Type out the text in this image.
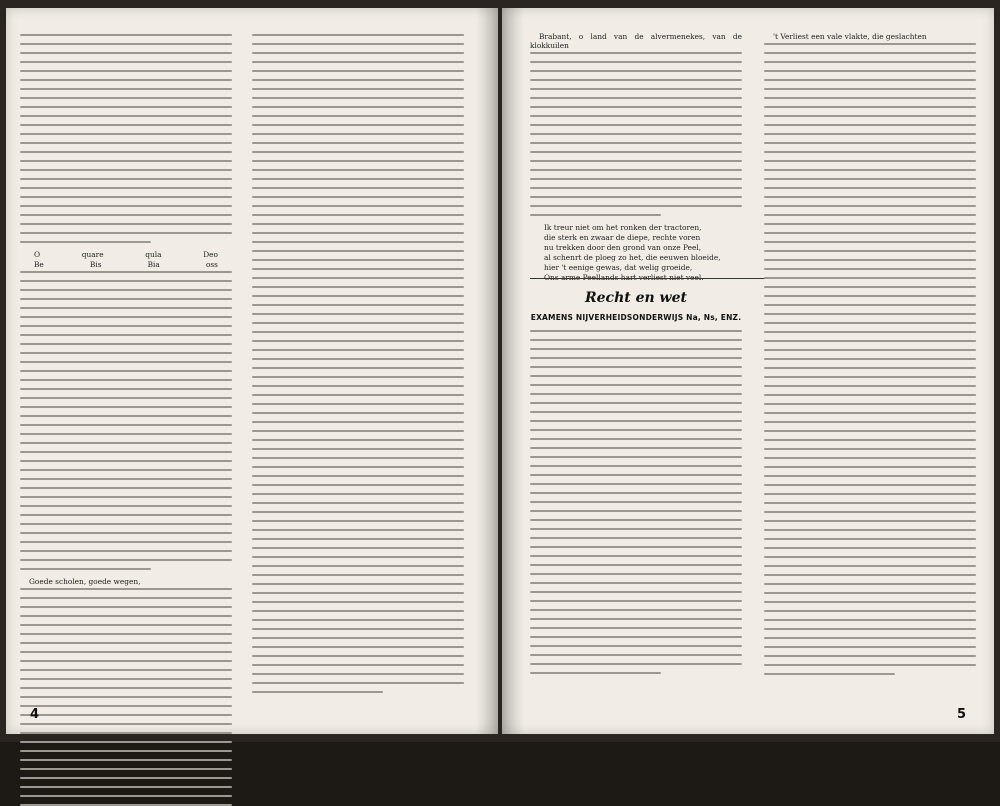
O	quare	qula	Deo

Be	Bis	Bia	oss

Goede scholen, goede wegen,

4

Brabant, o land van de alvermenekes, van de klokkuilen

Ik treur niet om het ronken der tractoren,

die sterk en zwaar de diepe, rechte voren

nu trekken door den grond van onze Peel,

al schenrt de ploeg zo het, die eeuwen bloeide,

hier 't eenige gewas, dat welig groeide,

Ons arme Peellands hart verliest niet veel.

Recht en wet
EXAMENS NIJVERHEIDSONDERWIJS Na, Ns, ENZ.

't Verliest een vale vlakte, die geslachten

5
